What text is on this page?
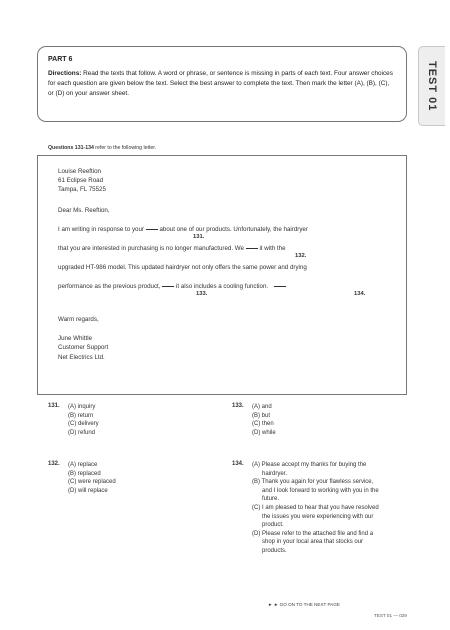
TEST 01
PART 6
Directions: Read the texts that follow. A word or phrase, or sentence is missing in parts of each text. Four answer choices for each question are given below the text. Select the best answer to complete the text. Then mark the letter (A), (B), (C), or (D) on your answer sheet.
Questions 131-134 refer to the following letter.
Louise Reeftion
61 Eclipse Road
Tampa, FL 75525
Dear Ms. Reeftion,
I am writing in response to your about one of our products. Unfortunately, the hairdryer
131.
that you are interested in purchasing is no longer manufactured. We it with the
132.
upgraded HT-986 model. This updated hairdryer not only offers the same power and drying
performance as the previous product, it also includes a cooling function.
133.	134.
Warm regards,
June Whittle
Customer Support
Net Electrics Ltd.
131.	(A) inquiry
(B) return
(C) delivery
(D) refund
132.	(A) replace
(B) replaced
(C) were replaced
(D) will replace
133.	(A) and
(B) but
(C) then
(D) while
134.	(A) Please accept my thanks for buying the hairdryer.
(B) Thank you again for your flawless service, and I look forward to working with you in the future.
(C) I am pleased to hear that you have resolved the issues you were experiencing with our product.
(D) Please refer to the attached file and find a shop in your local area that stocks our products.
► ► GO ON TO THE NEXT PAGE
TEST 01 — 029
